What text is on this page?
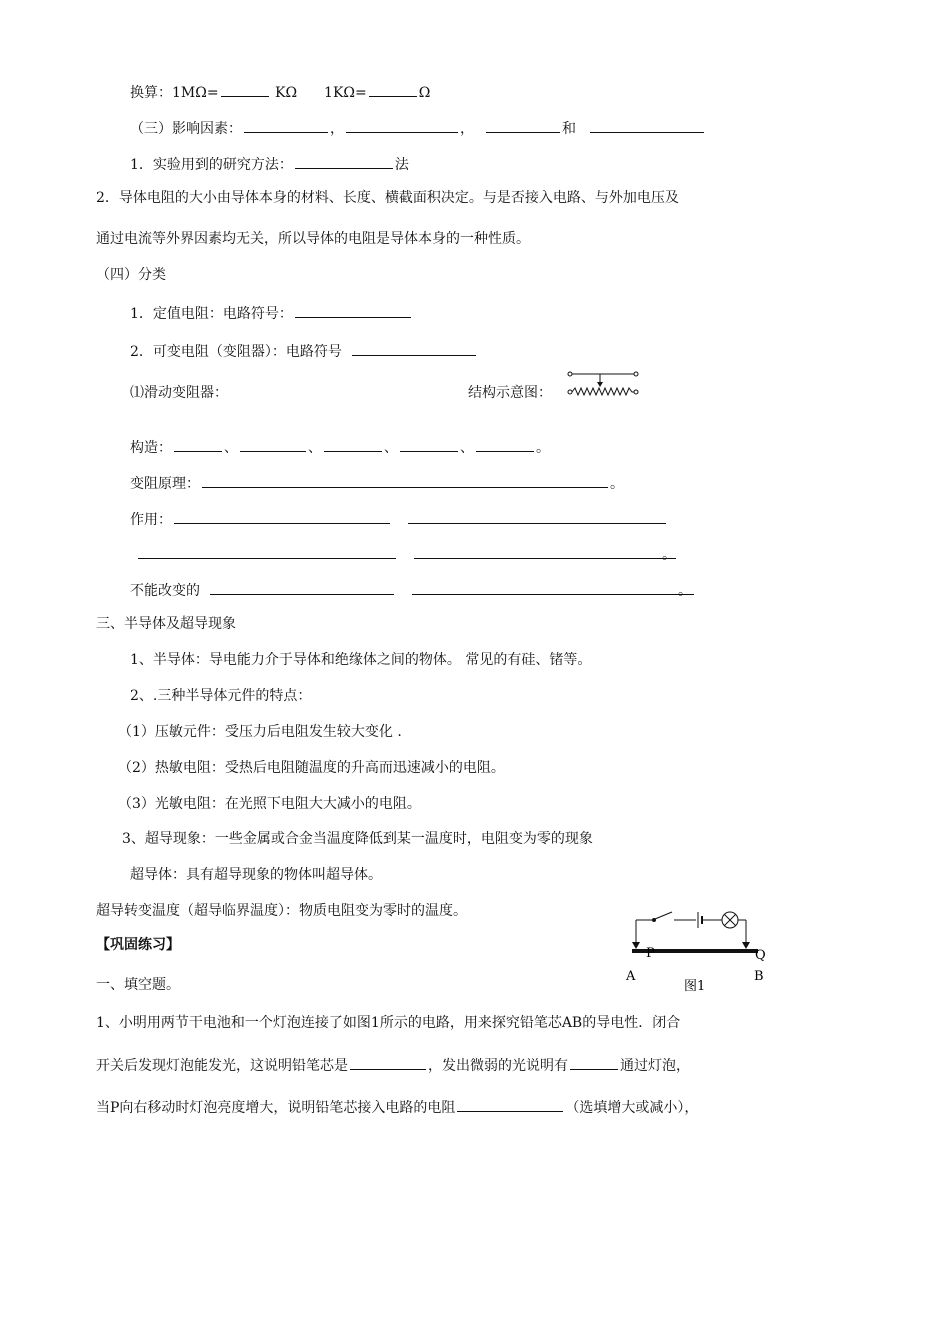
换算：1MΩ=	KΩ 1KΩ=	Ω
（三）影响因素：	，	，	和
1．实验用到的研究方法：	法
2．导体电阻的大小由导体本身的材料、长度、横截面积决定。与是否接入电路、与外加电压及
通过电流等外界因素均无关，所以导体的电阻是导体本身的一种性质。
（四）分类
1．定值电阻：电路符号：
2．可变电阻（变阻器）：电路符号
⑴滑动变阻器：	结构示意图：
构造：	、	、	、	、	。
变阻原理：	。
作用：
。
不能改变的	。
三、半导体及超导现象
1、半导体：导电能力介于导体和绝缘体之间的物体。 常见的有硅、锗等。
2、.三种半导体元件的特点：
（1）压敏元件：受压力后电阻发生较大变化 .
（2）热敏电阻：受热后电阻随温度的升高而迅速减小的电阻。
（3）光敏电阻：在光照下电阻大大减小的电阻。
3、超导现象：一些金属或合金当温度降低到某一温度时，电阻变为零的现象
超导体：具有超导现象的物体叫超导体。
超导转变温度（超导临界温度）：物质电阻变为零时的温度。
【巩固练习】
一、填空题。
P	Q
A	B
图1
1、小明用两节干电池和一个灯泡连接了如图1所示的电路，用来探究铅笔芯AB的导电性．闭合
开关后发现灯泡能发光，这说明铅笔芯是	，发出微弱的光说明有	通过灯泡，
当P向右移动时灯泡亮度增大，说明铅笔芯接入电路的电阻	（选填增大或减小），
